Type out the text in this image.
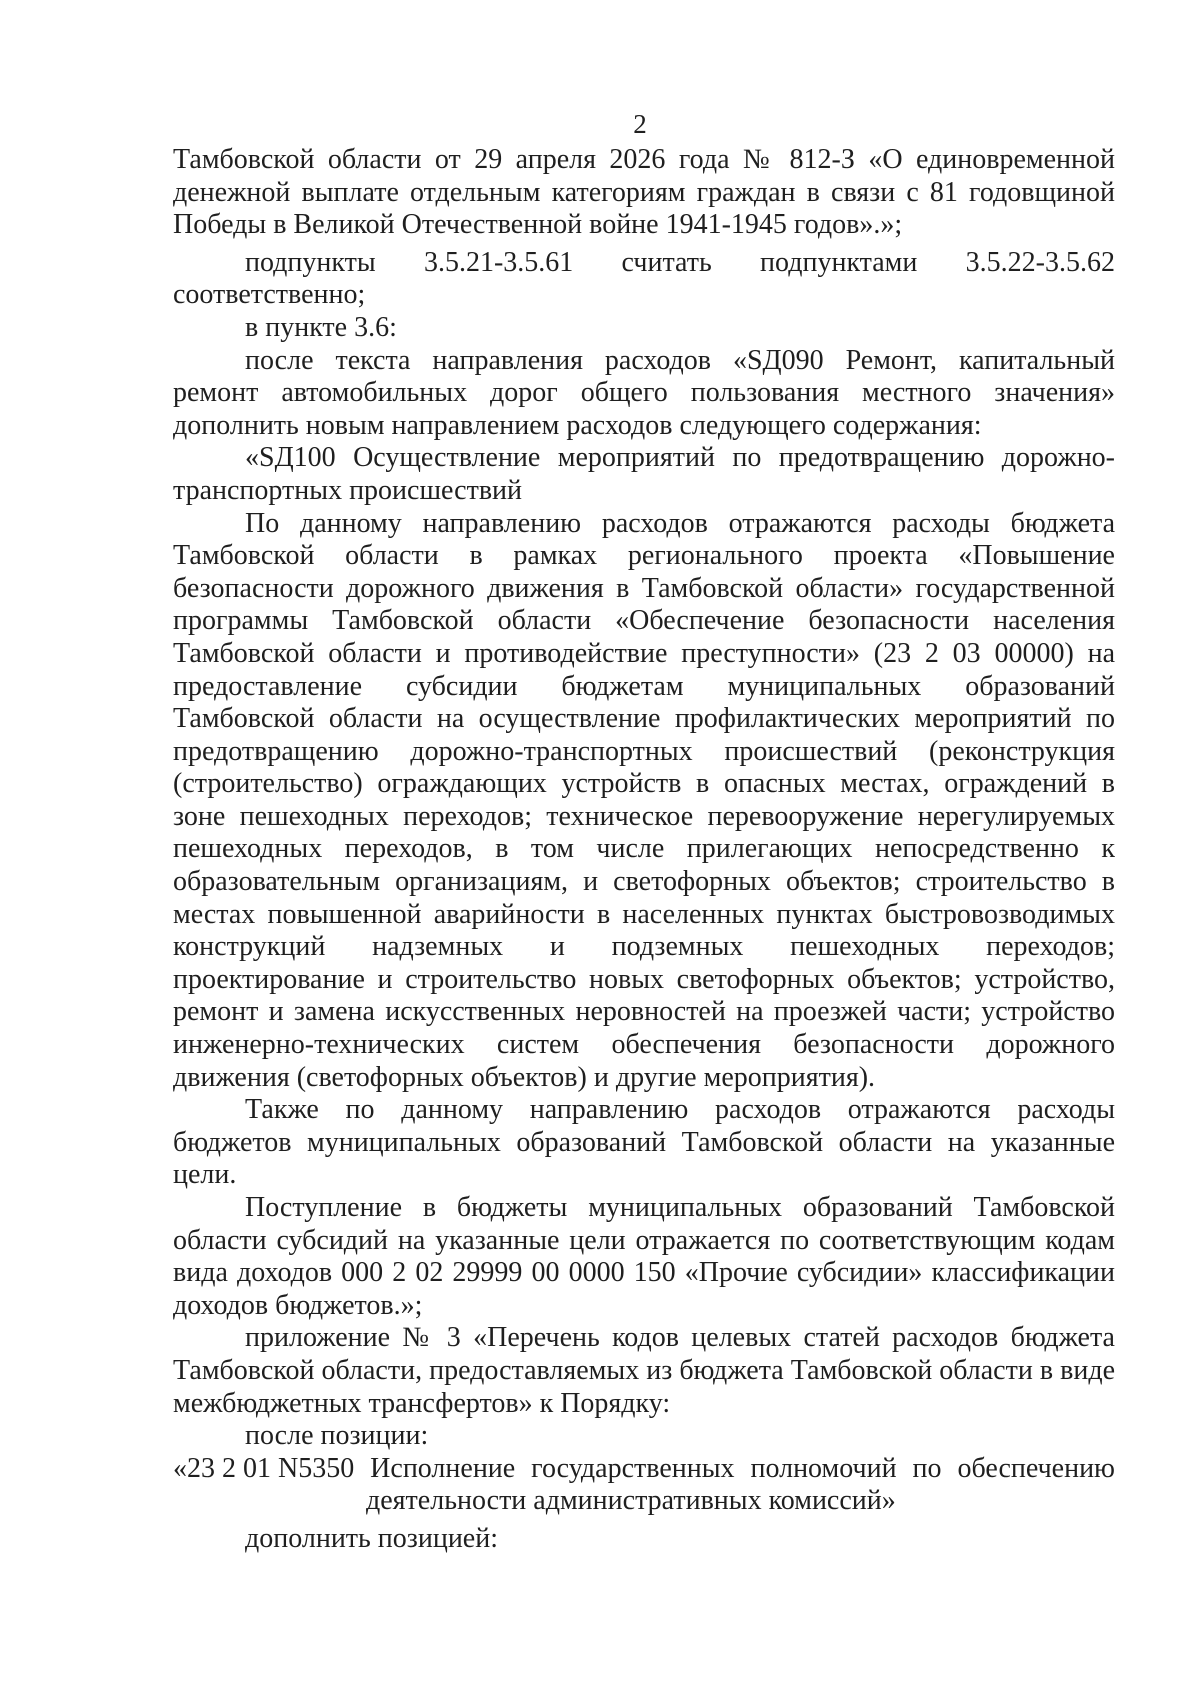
2

Тамбовской области от 29 апреля 2026 года № 812-З «О единовременной денежной выплате отдельным категориям граждан в связи с 81 годовщиной Победы в Великой Отечественной войне 1941-1945 годов».»;

подпункты 3.5.21-3.5.61 считать подпунктами 3.5.22-3.5.62

соответственно;

в пункте 3.6:

после текста направления расходов «SД090 Ремонт, капитальный ремонт автомобильных дорог общего пользования местного значения» дополнить новым направлением расходов следующего содержания:

«SД100 Осуществление мероприятий по предотвращению дорожно-транспортных происшествий

По данному направлению расходов отражаются расходы бюджета Тамбовской области в рамках регионального проекта «Повышение безопасности дорожного движения в Тамбовской области» государственной программы Тамбовской области «Обеспечение безопасности населения Тамбовской области и противодействие преступности» (23 2 03 00000) на предоставление субсидии бюджетам муниципальных образований Тамбовской области на осуществление профилактических мероприятий по предотвращению дорожно-транспортных происшествий (реконструкция (строительство) ограждающих устройств в опасных местах, ограждений в зоне пешеходных переходов; техническое перевооружение нерегулируемых пешеходных переходов, в том числе прилегающих непосредственно к образовательным организациям, и светофорных объектов; строительство в местах повышенной аварийности в населенных пунктах быстровозводимых конструкций надземных и подземных пешеходных переходов; проектирование и строительство новых светофорных объектов; устройство, ремонт и замена искусственных неровностей на проезжей части; устройство инженерно-технических систем обеспечения безопасности дорожного движения (светофорных объектов) и другие мероприятия).

Также по данному направлению расходов отражаются расходы бюджетов муниципальных образований Тамбовской области на указанные цели.

Поступление в бюджеты муниципальных образований Тамбовской области субсидий на указанные цели отражается по соответствующим кодам вида доходов 000 2 02 29999 00 0000 150 «Прочие субсидии» классификации доходов бюджетов.»;

приложение № 3 «Перечень кодов целевых статей расходов бюджета Тамбовской области, предоставляемых из бюджета Тамбовской области в виде межбюджетных трансфертов» к Порядку:

после позиции:

«23 2 01 N5350 Исполнение государственных полномочий по обеспечению
деятельности административных комиссий»

дополнить позицией:
